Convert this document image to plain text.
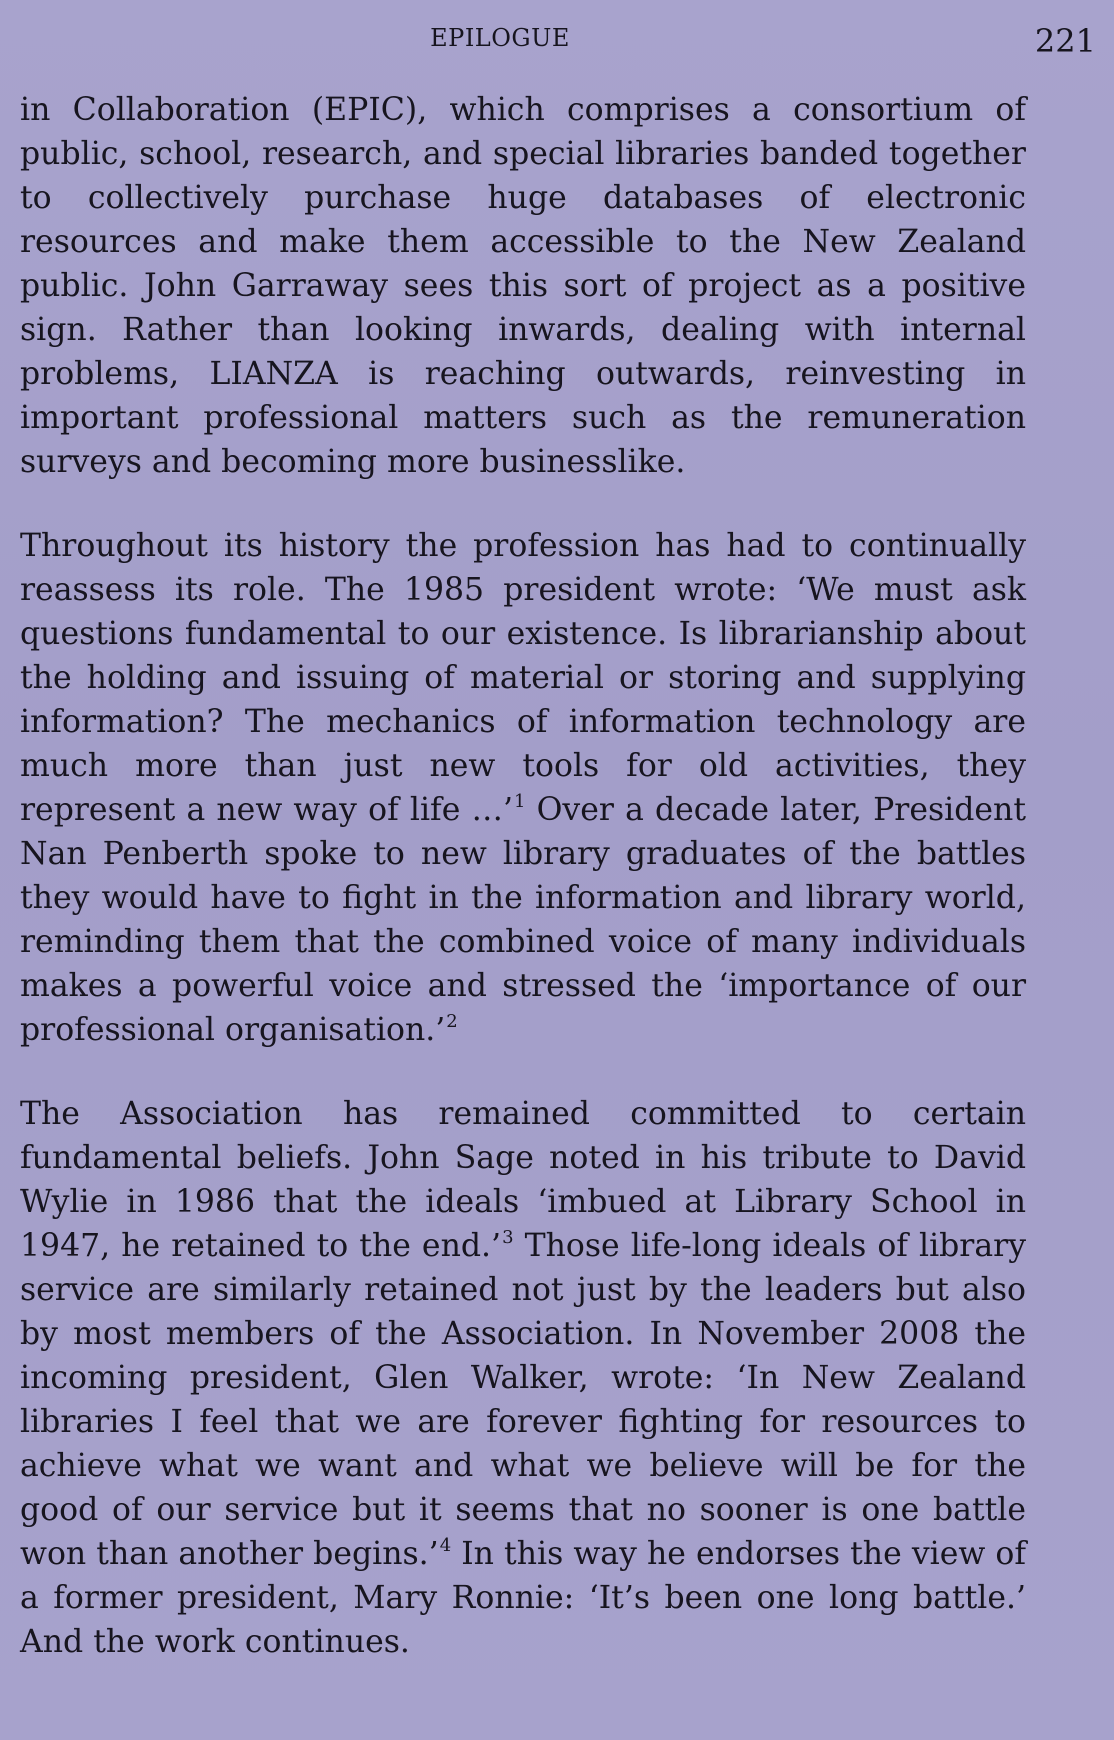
EPILOGUE	221

in Collaboration (EPIC), which comprises a consortium of public, school, research, and special libraries banded together to collectively purchase huge databases of electronic resources and make them accessible to the New Zealand public. John Garraway sees this sort of project as a positive sign. Rather than looking inwards, dealing with internal problems, LIANZA is reaching outwards, reinvesting in important professional matters such as the remuneration surveys and becoming more businesslike.

Throughout its history the profession has had to continually reassess its role. The 1985 president wrote: ‘We must ask questions fundamental to our existence. Is librarianship about the holding and issuing of material or storing and supplying information? The mechanics of information technology are much more than just new tools for old activities, they represent a new way of life …’$^1$ Over a decade later, President Nan Penberth spoke to new library graduates of the battles they would have to fight in the information and library world, reminding them that the combined voice of many individuals makes a powerful voice and stressed the ‘importance of our professional organisation.’$^2$

The Association has remained committed to certain fundamental beliefs. John Sage noted in his tribute to David Wylie in 1986 that the ideals ‘imbued at Library School in 1947, he retained to the end.’$^3$ Those life-long ideals of library service are similarly retained not just by the leaders but also by most members of the Association. In November 2008 the incoming president, Glen Walker, wrote: ‘In New Zealand libraries I feel that we are forever fighting for resources to achieve what we want and what we believe will be for the good of our service but it seems that no sooner is one battle won than another begins.’$^4$ In this way he endorses the view of a former president, Mary Ronnie: ‘It’s been one long battle.’ And the work continues.
